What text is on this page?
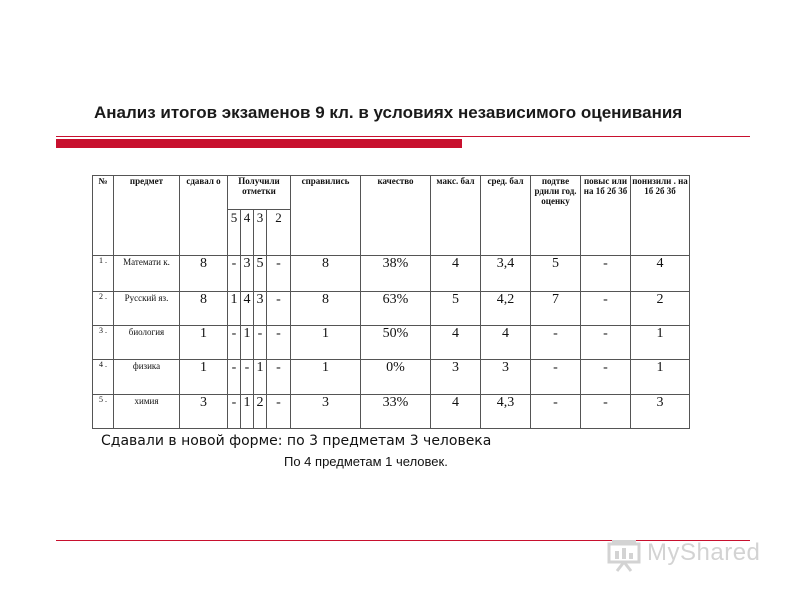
Анализ итогов экзаменов 9 кл. в условиях независимого оценивания
№	предмет	сдавал о	Получили отметки				справились	качество	макс. бал	сред. бал	подтве рдили год. оценку	повыс или на 1б 2б 3б	понизили . на 1б 2б 3б
			5	4	3	2							
1 .	Математи к.	8	-	3	5	-	8	38%	4	3,4	5	-	4
2 .	Русский яз.	8	1	4	3	-	8	63%	5	4,2	7	-	2
3 .	биология	1	-	1	-	-	1	50%	4	4	-	-	1
4 .	физика	1	-	-	1	-	1	0%	3	3	-	-	1
5 .	химия	3	-	1	2	-	3	33%	4	4,3	-	-	3
Сдавали в новой форме: по 3 предметам 3 человека
По 4 предметам 1 человек.
MyShared
